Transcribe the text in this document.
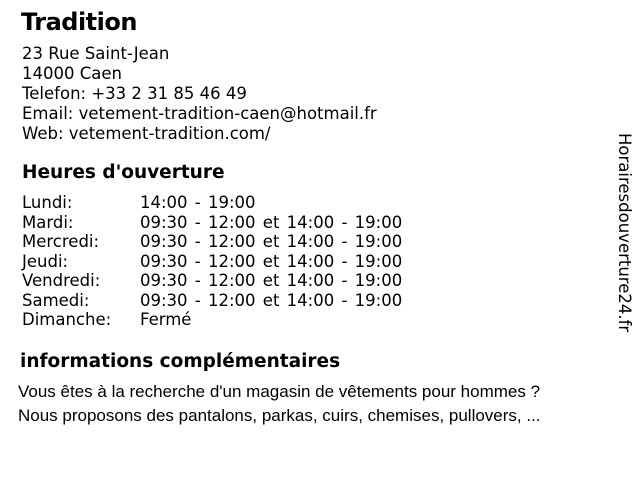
Tradition
23 Rue Saint-Jean
14000 Caen
Telefon: +33 2 31 85 46 49
Email: vetement-tradition-caen@hotmail.fr
Web: vetement-tradition.com/
Heures d'ouverture
Lundi:	14:00 - 19:00
Mardi:	09:30 - 12:00 et 14:00 - 19:00
Mercredi:	09:30 - 12:00 et 14:00 - 19:00
Jeudi:	09:30 - 12:00 et 14:00 - 19:00
Vendredi:	09:30 - 12:00 et 14:00 - 19:00
Samedi:	09:30 - 12:00 et 14:00 - 19:00
Dimanche:	Fermé
informations complémentaires
Vous êtes à la recherche d'un magasin de vêtements pour hommes ?
Nous proposons des pantalons, parkas, cuirs, chemises, pullovers, ...
Horairesdouverture24.fr
